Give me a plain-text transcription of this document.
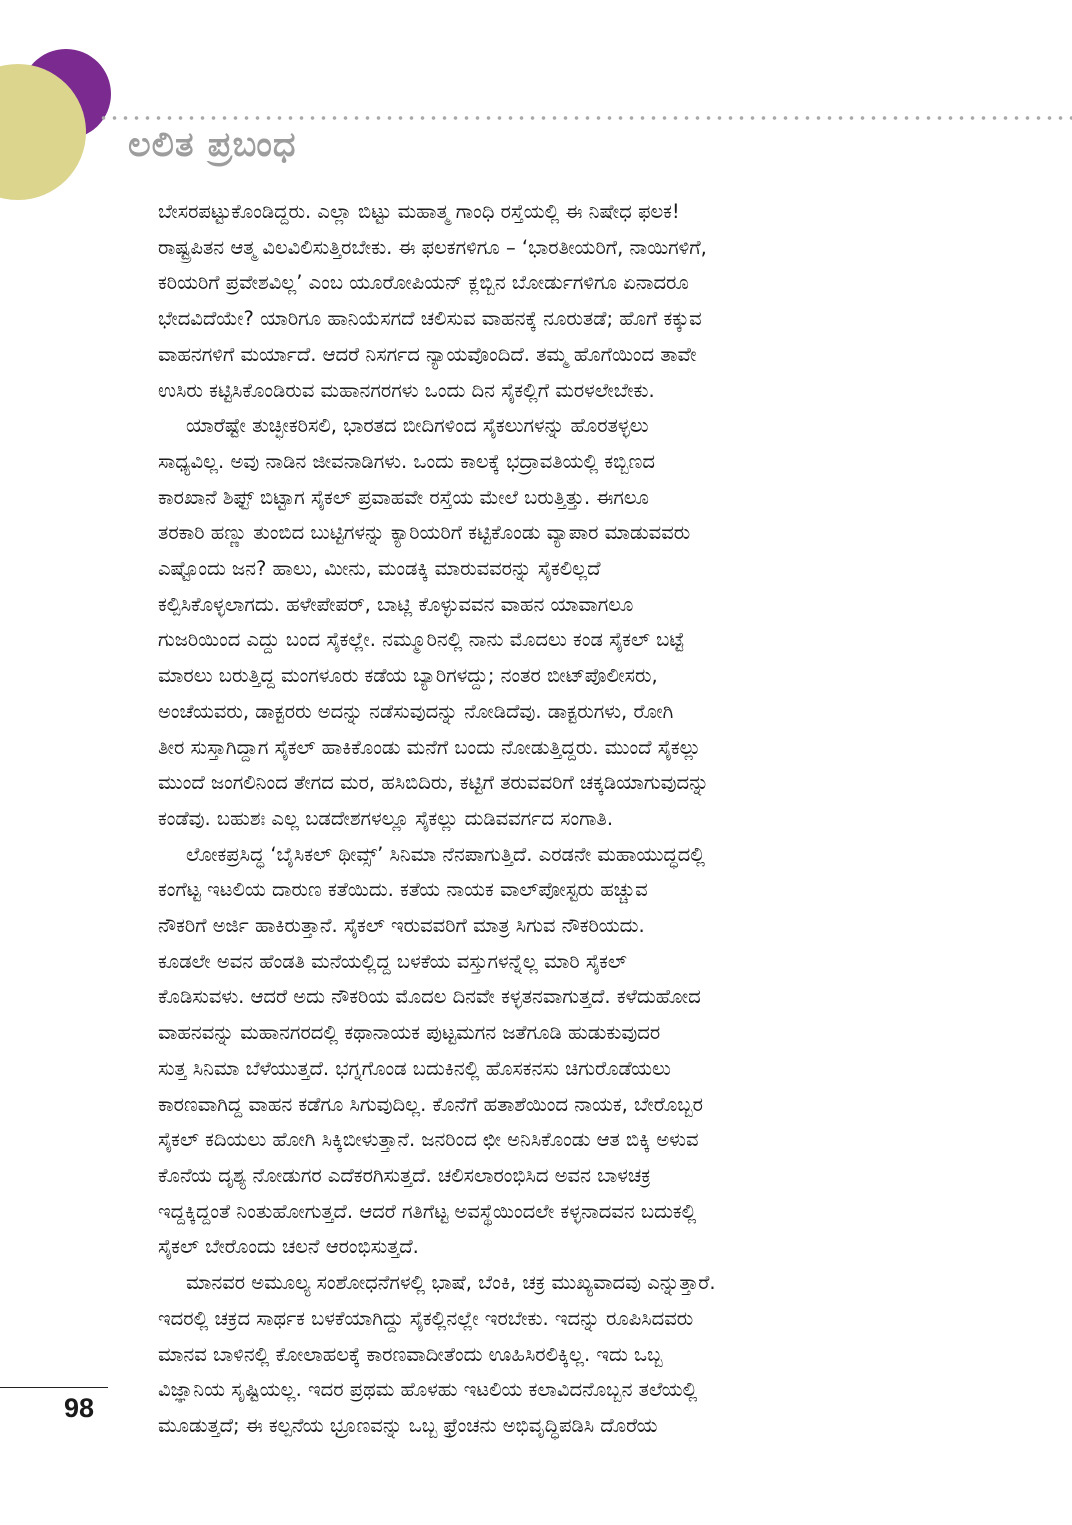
ಲಲಿತ ಪ್ರಬಂಧ

ಬೇಸರಪಟ್ಟುಕೊಂಡಿದ್ದರು. ಎಲ್ಲಾ ಬಿಟ್ಟು ಮಹಾತ್ಮ ಗಾಂಧಿ ರಸ್ತೆಯಲ್ಲಿ ಈ ನಿಷೇಧ ಫಲಕ!
ರಾಷ್ಟ್ರಪಿತನ ಆತ್ಮ ವಿಲವಿಲಿಸುತ್ತಿರಬೇಕು. ಈ ಫಲಕಗಳಿಗೂ – ‘ಭಾರತೀಯರಿಗೆ, ನಾಯಿಗಳಿಗೆ,
ಕರಿಯರಿಗೆ ಪ್ರವೇಶವಿಲ್ಲ’ ಎಂಬ ಯೂರೋಪಿಯನ್ ಕ್ಲಬ್ಬಿನ ಬೋರ್ಡುಗಳಿಗೂ ಏನಾದರೂ
ಭೇದವಿದೆಯೇ? ಯಾರಿಗೂ ಹಾನಿಯೆಸಗದೆ ಚಲಿಸುವ ವಾಹನಕ್ಕೆ ನೂರುತಡೆ; ಹೊಗೆ ಕಕ್ಕುವ
ವಾಹನಗಳಿಗೆ ಮರ್ಯಾದೆ. ಆದರೆ ನಿಸರ್ಗದ ನ್ಯಾಯವೊಂದಿದೆ. ತಮ್ಮ ಹೊಗೆಯಿಂದ ತಾವೇ
ಉಸಿರು ಕಟ್ಟಿಸಿಕೊಂಡಿರುವ ಮಹಾನಗರಗಳು ಒಂದು ದಿನ ಸೈಕಲ್ಲಿಗೆ ಮರಳಲೇಬೇಕು.

ಯಾರೆಷ್ಟೇ ತುಚ್ಛೀಕರಿಸಲಿ, ಭಾರತದ ಬೀದಿಗಳಿಂದ ಸೈಕಲುಗಳನ್ನು ಹೊರತಳ್ಳಲು
ಸಾಧ್ಯವಿಲ್ಲ. ಅವು ನಾಡಿನ ಜೀವನಾಡಿಗಳು. ಒಂದು ಕಾಲಕ್ಕೆ ಭದ್ರಾವತಿಯಲ್ಲಿ ಕಬ್ಬಿಣದ
ಕಾರಖಾನೆ ಶಿಫ್ಟ್ ಬಿಟ್ಟಾಗ ಸೈಕಲ್ ಪ್ರವಾಹವೇ ರಸ್ತೆಯ ಮೇಲೆ ಬರುತ್ತಿತ್ತು. ಈಗಲೂ
ತರಕಾರಿ ಹಣ್ಣು ತುಂಬಿದ ಬುಟ್ಟಿಗಳನ್ನು ಕ್ಯಾರಿಯರಿಗೆ ಕಟ್ಟಿಕೊಂಡು ವ್ಯಾಪಾರ ಮಾಡುವವರು
ಎಷ್ಟೊಂದು ಜನ? ಹಾಲು, ಮೀನು, ಮಂಡಕ್ಕಿ ಮಾರುವವರನ್ನು ಸೈಕಲಿಲ್ಲದೆ
ಕಲ್ಪಿಸಿಕೊಳ್ಳಲಾಗದು. ಹಳೇಪೇಪರ್, ಬಾಟ್ಲಿ ಕೊಳ್ಳುವವನ ವಾಹನ ಯಾವಾಗಲೂ
ಗುಜರಿಯಿಂದ ಎದ್ದು ಬಂದ ಸೈಕಲ್ಲೇ. ನಮ್ಮೂರಿನಲ್ಲಿ ನಾನು ಮೊದಲು ಕಂಡ ಸೈಕಲ್ ಬಟ್ಟೆ
ಮಾರಲು ಬರುತ್ತಿದ್ದ ಮಂಗಳೂರು ಕಡೆಯ ಬ್ಯಾರಿಗಳದ್ದು; ನಂತರ ಬೀಟ್‌ಪೊಲೀಸರು,
ಅಂಚೆಯವರು, ಡಾಕ್ಟರರು ಅದನ್ನು ನಡೆಸುವುದನ್ನು ನೋಡಿದೆವು. ಡಾಕ್ಟರುಗಳು, ರೋಗಿ
ತೀರ ಸುಸ್ತಾಗಿದ್ದಾಗ ಸೈಕಲ್ ಹಾಕಿಕೊಂಡು ಮನೆಗೆ ಬಂದು ನೋಡುತ್ತಿದ್ದರು. ಮುಂದೆ ಸೈಕಲ್ಲು
ಮುಂದೆ ಜಂಗಲಿನಿಂದ ತೇಗದ ಮರ, ಹಸಿಬಿದಿರು, ಕಟ್ಟಿಗೆ ತರುವವರಿಗೆ ಚಕ್ಕಡಿಯಾಗುವುದನ್ನು
ಕಂಡೆವು. ಬಹುಶಃ ಎಲ್ಲ ಬಡದೇಶಗಳಲ್ಲೂ ಸೈಕಲ್ಲು ದುಡಿವವರ್ಗದ ಸಂಗಾತಿ.

ಲೋಕಪ್ರಸಿದ್ಧ ‘ಬೈಸಿಕಲ್ ಥೀವ್ಸ್’ ಸಿನಿಮಾ ನೆನಪಾಗುತ್ತಿದೆ. ಎರಡನೇ ಮಹಾಯುದ್ಧದಲ್ಲಿ
ಕಂಗೆಟ್ಟ ಇಟಲಿಯ ದಾರುಣ ಕತೆಯಿದು. ಕತೆಯ ನಾಯಕ ವಾಲ್‌ಪೋಸ್ಟರು ಹಚ್ಚುವ
ನೌಕರಿಗೆ ಅರ್ಜಿ ಹಾಕಿರುತ್ತಾನೆ. ಸೈಕಲ್ ಇರುವವರಿಗೆ ಮಾತ್ರ ಸಿಗುವ ನೌಕರಿಯದು.
ಕೂಡಲೇ ಅವನ ಹೆಂಡತಿ ಮನೆಯಲ್ಲಿದ್ದ ಬಳಕೆಯ ವಸ್ತುಗಳನ್ನೆಲ್ಲ ಮಾರಿ ಸೈಕಲ್
ಕೊಡಿಸುವಳು. ಆದರೆ ಅದು ನೌಕರಿಯ ಮೊದಲ ದಿನವೇ ಕಳ್ಳತನವಾಗುತ್ತದೆ. ಕಳೆದುಹೋದ
ವಾಹನವನ್ನು ಮಹಾನಗರದಲ್ಲಿ ಕಥಾನಾಯಕ ಪುಟ್ಟಮಗನ ಜತೆಗೂಡಿ ಹುಡುಕುವುದರ
ಸುತ್ತ ಸಿನಿಮಾ ಬೆಳೆಯುತ್ತದೆ. ಭಗ್ನಗೊಂಡ ಬದುಕಿನಲ್ಲಿ ಹೊಸಕನಸು ಚಿಗುರೊಡೆಯಲು
ಕಾರಣವಾಗಿದ್ದ ವಾಹನ ಕಡೆಗೂ ಸಿಗುವುದಿಲ್ಲ. ಕೊನೆಗೆ ಹತಾಶೆಯಿಂದ ನಾಯಕ, ಬೇರೊಬ್ಬರ
ಸೈಕಲ್ ಕದಿಯಲು ಹೋಗಿ ಸಿಕ್ಕಿಬೀಳುತ್ತಾನೆ. ಜನರಿಂದ ಛೀ ಅನಿಸಿಕೊಂಡು ಆತ ಬಿಕ್ಕಿ ಅಳುವ
ಕೊನೆಯ ದೃಶ್ಯ ನೋಡುಗರ ಎದೆಕರಗಿಸುತ್ತದೆ. ಚಲಿಸಲಾರಂಭಿಸಿದ ಅವನ ಬಾಳಚಕ್ರ
ಇದ್ದಕ್ಕಿದ್ದಂತೆ ನಿಂತುಹೋಗುತ್ತದೆ. ಆದರೆ ಗತಿಗೆಟ್ಟ ಅವಸ್ಥೆಯಿಂದಲೇ ಕಳ್ಳನಾದವನ ಬದುಕಲ್ಲಿ
ಸೈಕಲ್ ಬೇರೊಂದು ಚಲನೆ ಆರಂಭಿಸುತ್ತದೆ.

ಮಾನವರ ಅಮೂಲ್ಯ ಸಂಶೋಧನೆಗಳಲ್ಲಿ ಭಾಷೆ, ಬೆಂಕಿ, ಚಕ್ರ ಮುಖ್ಯವಾದವು ಎನ್ನುತ್ತಾರೆ.
ಇದರಲ್ಲಿ ಚಕ್ರದ ಸಾರ್ಥಕ ಬಳಕೆಯಾಗಿದ್ದು ಸೈಕಲ್ಲಿನಲ್ಲೇ ಇರಬೇಕು. ಇದನ್ನು ರೂಪಿಸಿದವರು
ಮಾನವ ಬಾಳಿನಲ್ಲಿ ಕೋಲಾಹಲಕ್ಕೆ ಕಾರಣವಾದೀತೆಂದು ಊಹಿಸಿರಲಿಕ್ಕಿಲ್ಲ. ಇದು ಒಬ್ಬ
ವಿಜ್ಞಾನಿಯ ಸೃಷ್ಟಿಯಲ್ಲ. ಇದರ ಪ್ರಥಮ ಹೊಳಹು ಇಟಲಿಯ ಕಲಾವಿದನೊಬ್ಬನ ತಲೆಯಲ್ಲಿ
ಮೂಡುತ್ತದೆ; ಈ ಕಲ್ಪನೆಯ ಭ್ರೂಣವನ್ನು ಒಬ್ಬ ಫ್ರೆಂಚನು ಅಭಿವೃದ್ಧಿಪಡಿಸಿ ದೊರೆಯ

98
